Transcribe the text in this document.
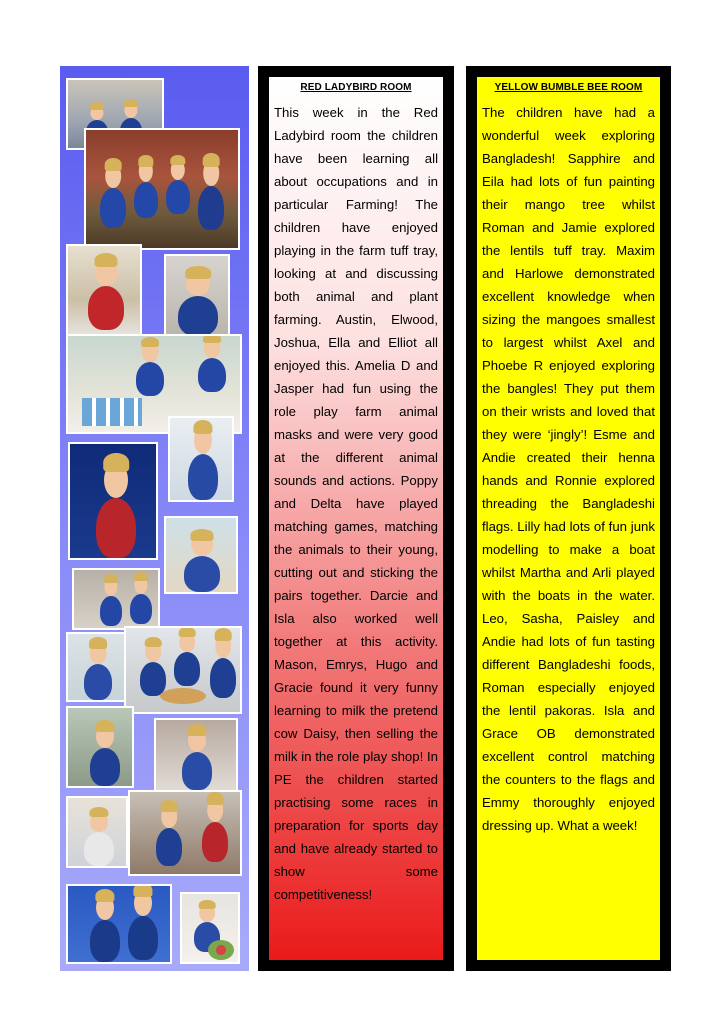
RED LADYBIRD ROOM

This week in the Red Ladybird room the children have been learning all about occupations and in particular Farming! The children have enjoyed playing in the farm tuff tray, looking at and discussing both animal and plant farming. Austin, Elwood, Joshua, Ella and Elliot all enjoyed this. Amelia D and Jasper had fun using the role play farm animal masks and were very good at the different animal sounds and actions. Poppy and Delta have played matching games, matching the animals to their young, cutting out and sticking the pairs together. Darcie and Isla also worked well together at this activity. Mason, Emrys, Hugo and Gracie found it very funny learning to milk the pretend cow Daisy, then selling the milk in the role play shop! In PE the children started practising some races in preparation for sports day and have already started to show some competitiveness!

YELLOW BUMBLE BEE ROOM

The children have had a wonderful week exploring Bangladesh! Sapphire and Eila had lots of fun painting their mango tree whilst Roman and Jamie explored the lentils tuff tray. Maxim and Harlowe demonstrated excellent knowledge when sizing the mangoes smallest to largest whilst Axel and Phoebe R enjoyed exploring the bangles! They put them on their wrists and loved that they were ‘jingly’! Esme and Andie created their henna hands and Ronnie explored threading the Bangladeshi flags. Lilly had lots of fun junk modelling to make a boat whilst Martha and Arli played with the boats in the water. Leo, Sasha, Paisley and Andie had lots of fun tasting different Bangladeshi foods, Roman especially enjoyed the lentil pakoras. Isla and Grace OB demonstrated excellent control matching the counters to the flags and Emmy thoroughly enjoyed dressing up. What a week!
